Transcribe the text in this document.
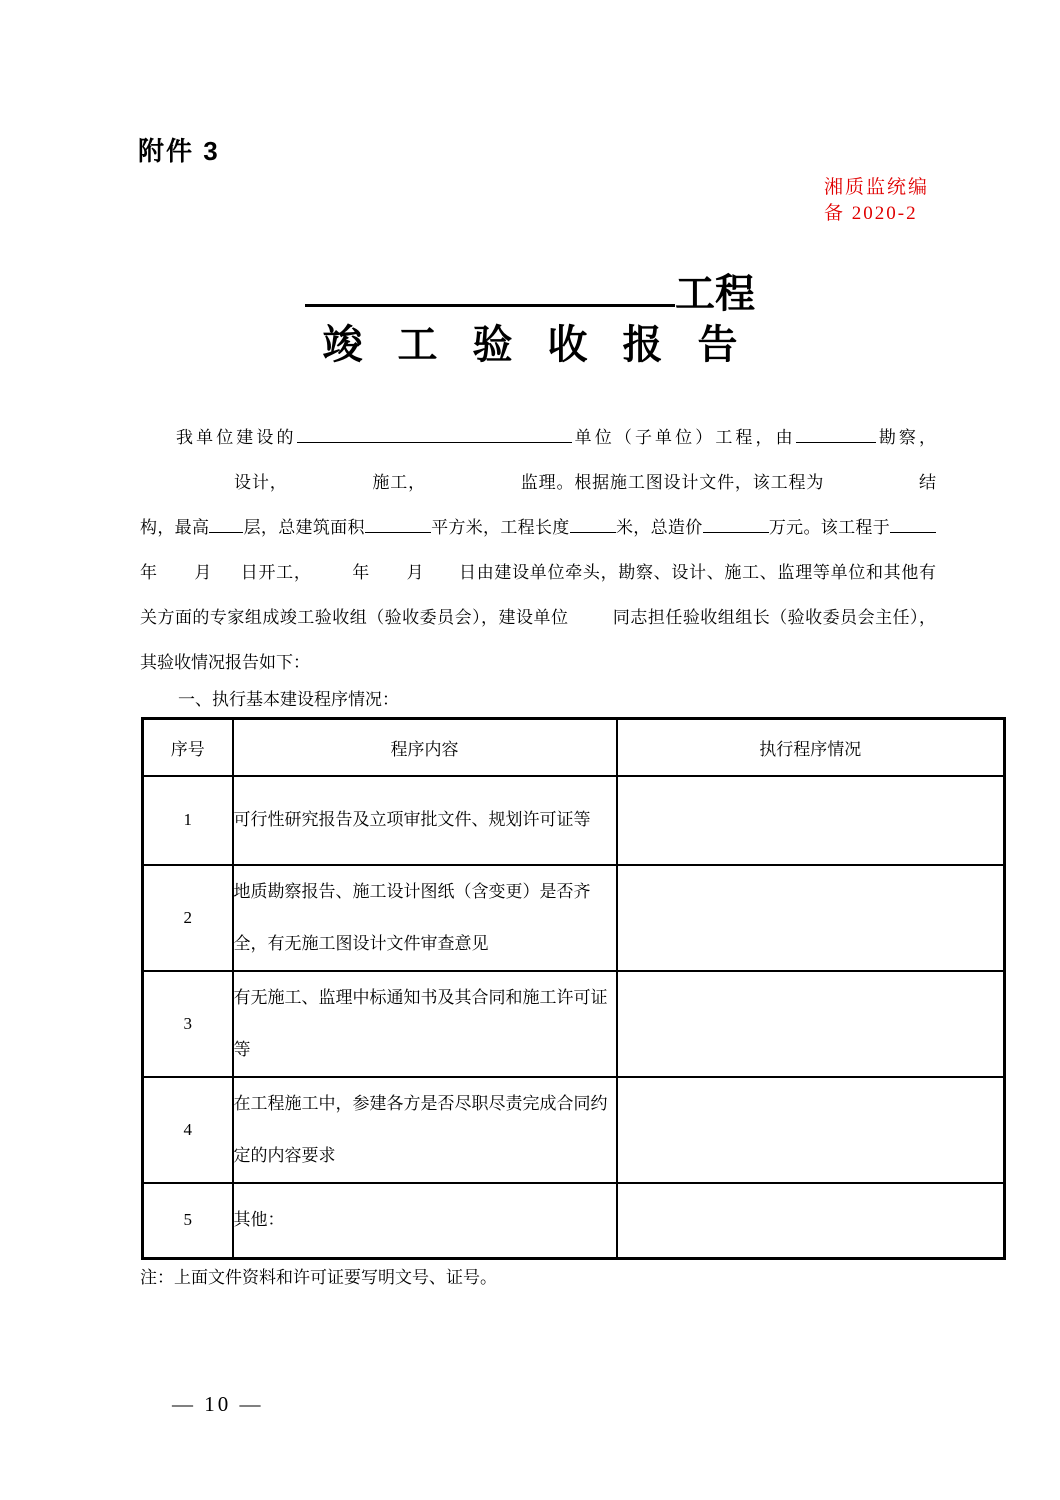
附件 3
湘质监统编
备 2020-2
工程
竣工验收报告
我单位建设的	单位（子单位）工程，由	勘察，
设计，	施工，	监理。根据施工图设计文件，该工程为	结
构，最高 层，总建筑面积	平方米，工程长度	米，总造价	万元。该工程于
年 月 日开工， 年 月 日由建设单位牵头，勘察、设计、施工、监理等单位和其他有
关方面的专家组成竣工验收组（验收委员会），建设单位	同志担任验收组组长（验收委员会主任），
其验收情况报告如下：
一、执行基本建设程序情况：
序号	程序内容	执行程序情况
1	可行性研究报告及立项审批文件、规划许可证等	
2	地质勘察报告、施工设计图纸（含变更）是否齐全，有无施工图设计文件审查意见	
3	有无施工、监理中标通知书及其合同和施工许可证等	
4	在工程施工中，参建各方是否尽职尽责完成合同约定的内容要求	
5	其他：	
注：上面文件资料和许可证要写明文号、证号。
— 10 —
